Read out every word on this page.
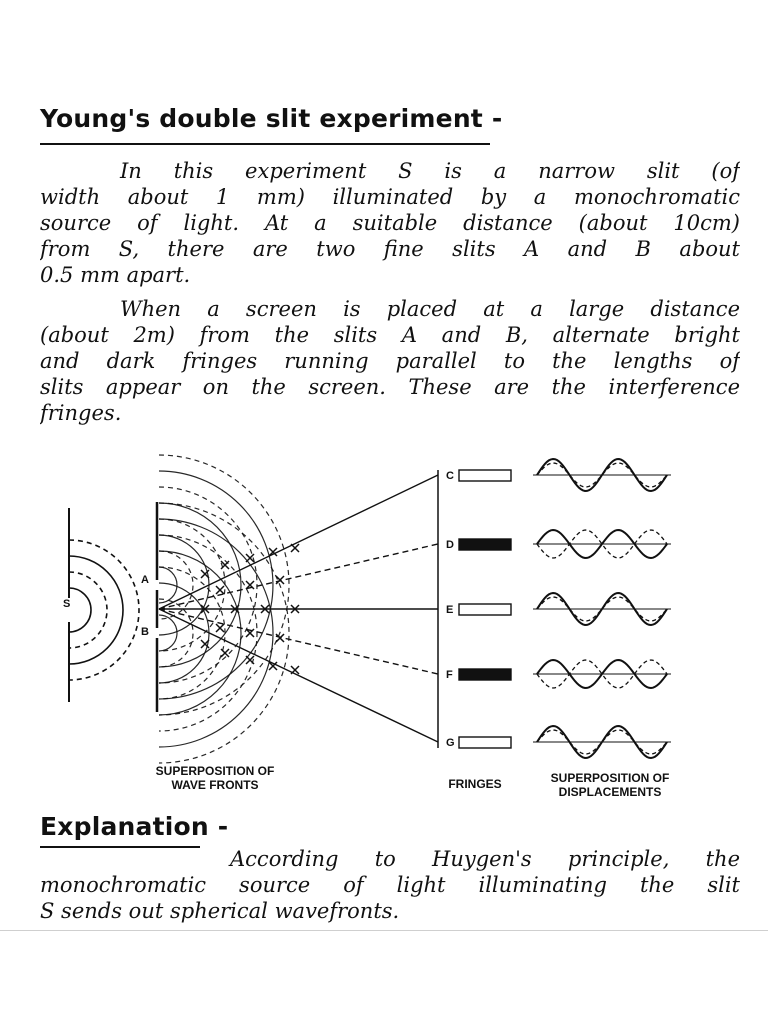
Young's double slit experiment -
In this experiment S is a narrow slit (of
width about 1 mm) illuminated by a monochromatic
source of light. At a suitable distance (about 10cm)
from S, there are two fine slits A and B about
0.5 mm apart.
When a screen is placed at a large distance
(about 2m) from the slits A and B, alternate bright
and dark fringes running parallel to the lengths of
slits appear on the screen. These are the interference
fringes.
S
A
B
C
D
E
F
G
SUPERPOSITION OF
WAVE FRONTS	FRINGES	SUPERPOSITION OF
DISPLACEMENTS
Explanation -
According to Huygen's principle, the
monochromatic source of light illuminating the slit
S sends out spherical wavefronts.
